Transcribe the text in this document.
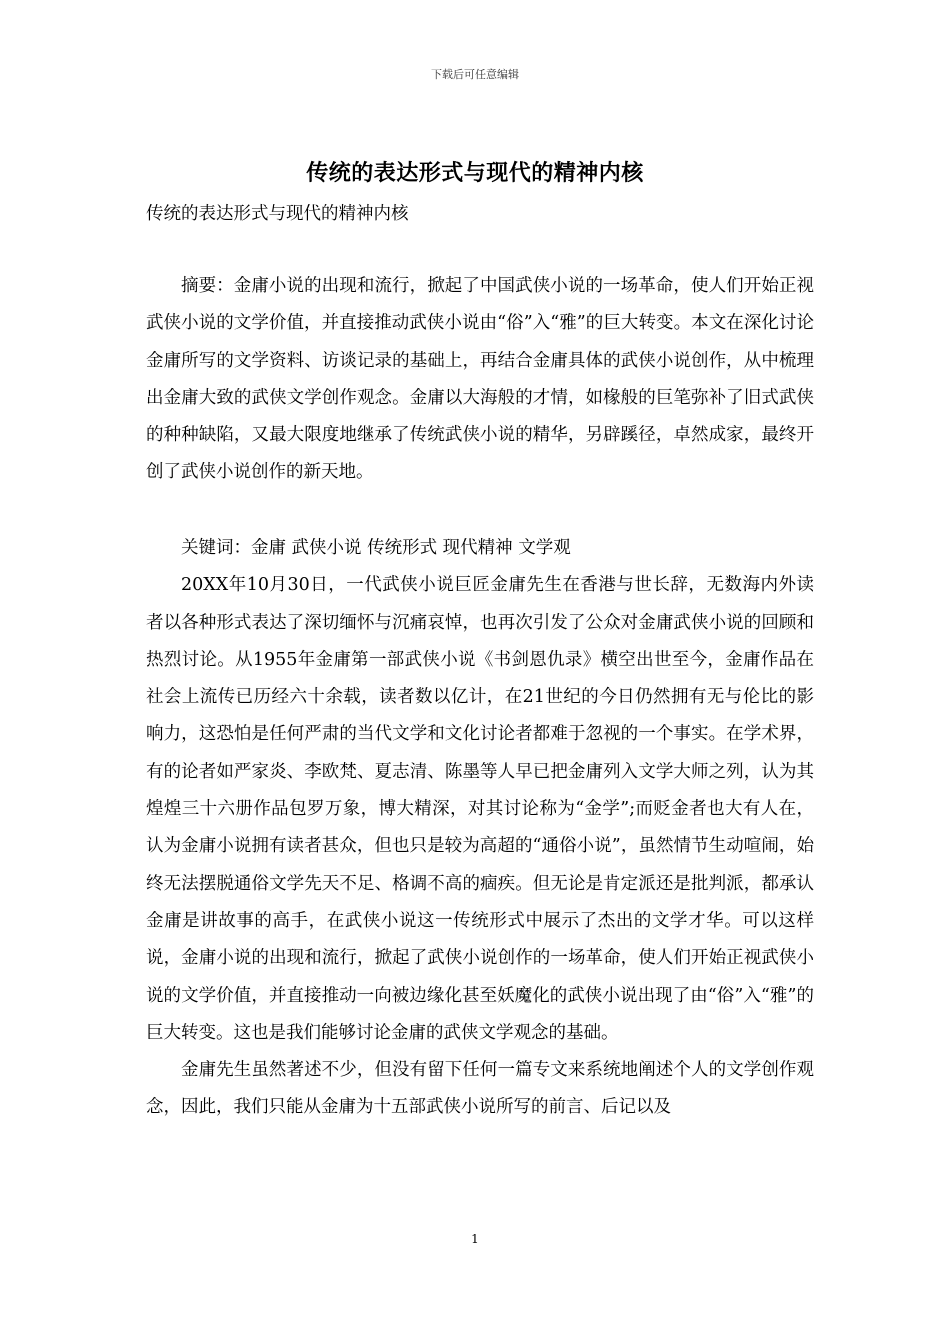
下载后可任意编辑
传统的表达形式与现代的精神内核
传统的表达形式与现代的精神内核

摘要：金庸小说的出现和流行，掀起了中国武侠小说的一场革命，使人们开始正视武侠小说的文学价值，并直接推动武侠小说由“俗”入“雅”的巨大转变。本文在深化讨论金庸所写的文学资料、访谈记录的基础上，再结合金庸具体的武侠小说创作，从中梳理出金庸大致的武侠文学创作观念。金庸以大海般的才情，如椽般的巨笔弥补了旧式武侠的种种缺陷，又最大限度地继承了传统武侠小说的精华，另辟蹊径，卓然成家，最终开创了武侠小说创作的新天地。

关键词：金庸 武侠小说 传统形式 现代精神 文学观

20XX年10月30日，一代武侠小说巨匠金庸先生在香港与世长辞，无数海内外读者以各种形式表达了深切缅怀与沉痛哀悼，也再次引发了公众对金庸武侠小说的回顾和热烈讨论。从1955年金庸第一部武侠小说《书剑恩仇录》横空出世至今，金庸作品在社会上流传已历经六十余载，读者数以亿计，在21世纪的今日仍然拥有无与伦比的影响力，这恐怕是任何严肃的当代文学和文化讨论者都难于忽视的一个事实。在学术界，有的论者如严家炎、李欧梵、夏志清、陈墨等人早已把金庸列入文学大师之列，认为其煌煌三十六册作品包罗万象，博大精深，对其讨论称为“金学”;而贬金者也大有人在，认为金庸小说拥有读者甚众，但也只是较为高超的“通俗小说”，虽然情节生动喧闹，始终无法摆脱通俗文学先天不足、格调不高的痼疾。但无论是肯定派还是批判派，都承认金庸是讲故事的高手，在武侠小说这一传统形式中展示了杰出的文学才华。可以这样说，金庸小说的出现和流行，掀起了武侠小说创作的一场革命，使人们开始正视武侠小说的文学价值，并直接推动一向被边缘化甚至妖魔化的武侠小说出现了由“俗”入“雅”的巨大转变。这也是我们能够讨论金庸的武侠文学观念的基础。

金庸先生虽然著述不少，但没有留下任何一篇专文来系统地阐述个人的文学创作观念，因此，我们只能从金庸为十五部武侠小说所写的前言、后记以及

1
